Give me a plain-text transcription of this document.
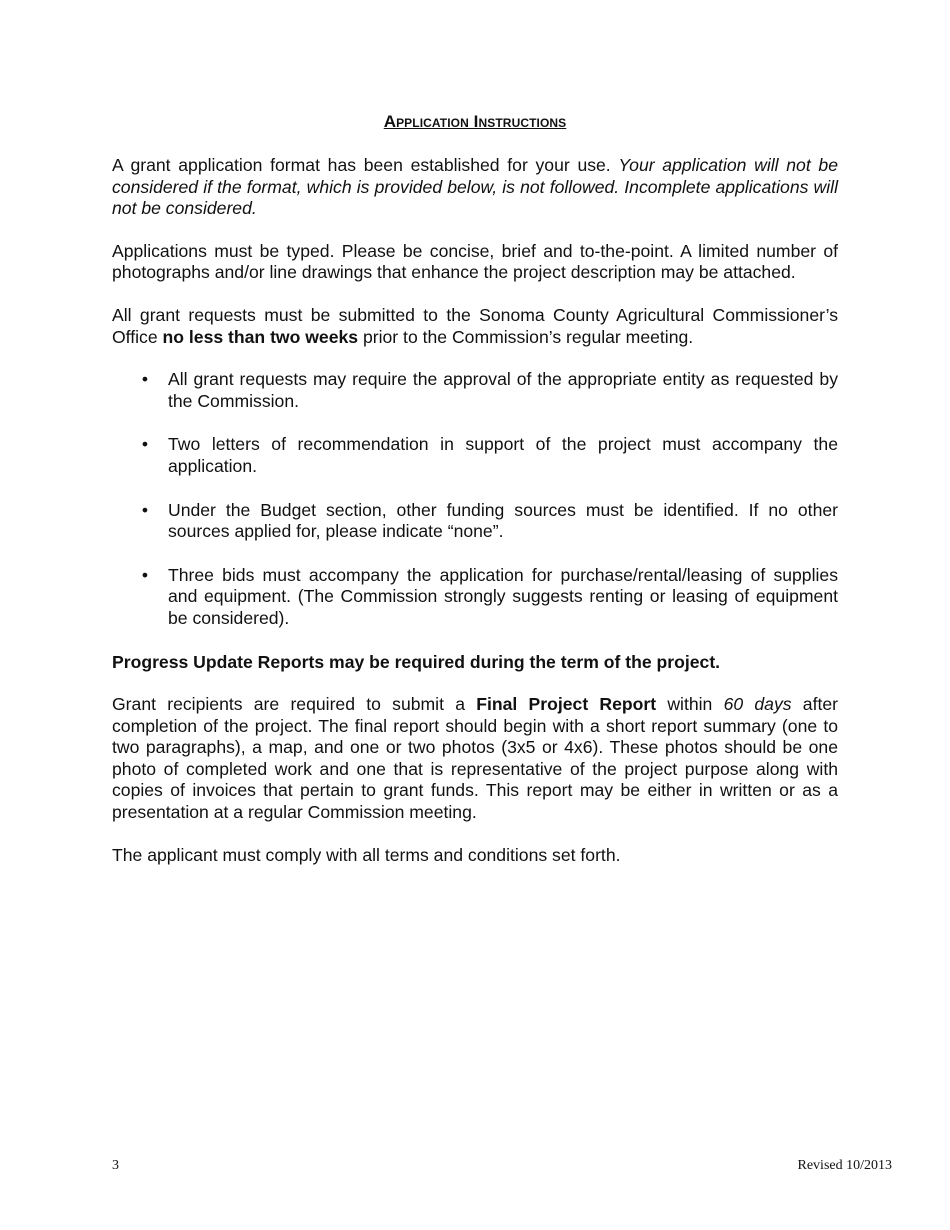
Application Instructions

A grant application format has been established for your use. Your application will not be considered if the format, which is provided below, is not followed. Incomplete applications will not be considered.

Applications must be typed. Please be concise, brief and to-the-point. A limited number of photographs and/or line drawings that enhance the project description may be attached.

All grant requests must be submitted to the Sonoma County Agricultural Commissioner’s Office no less than two weeks prior to the Commission’s regular meeting.

• All grant requests may require the approval of the appropriate entity as requested by the Commission.
• Two letters of recommendation in support of the project must accompany the application.
• Under the Budget section, other funding sources must be identified. If no other sources applied for, please indicate “none”.
• Three bids must accompany the application for purchase/rental/leasing of supplies and equipment. (The Commission strongly suggests renting or leasing of equipment be considered).

Progress Update Reports may be required during the term of the project.

Grant recipients are required to submit a Final Project Report within 60 days after completion of the project. The final report should begin with a short report summary (one to two paragraphs), a map, and one or two photos (3x5 or 4x6). These photos should be one photo of completed work and one that is representative of the project purpose along with copies of invoices that pertain to grant funds. This report may be either in written or as a presentation at a regular Commission meeting.

The applicant must comply with all terms and conditions set forth.

3	Revised 10/2013
